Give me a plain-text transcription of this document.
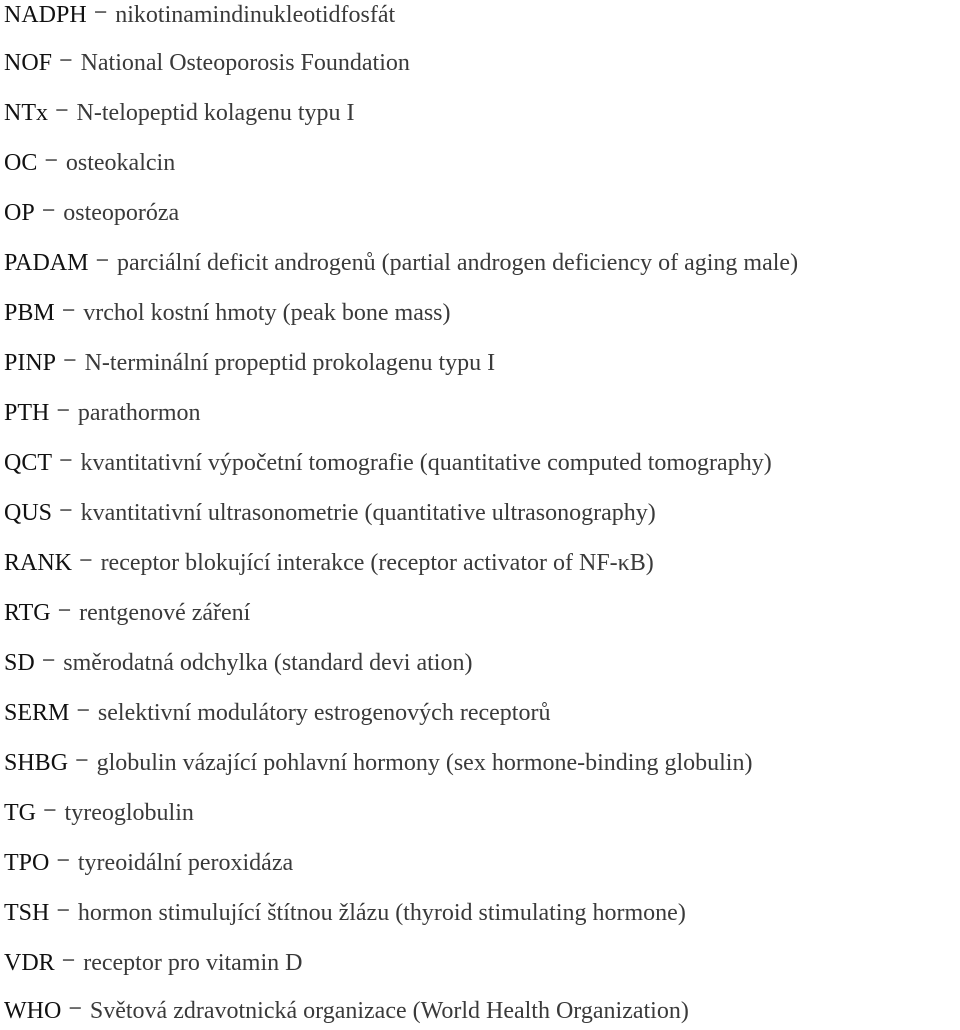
NADPH − nikotinamindinukleotidfosfát
NOF − National Osteoporosis Foundation
NTx − N-telopeptid kolagenu typu I
OC − osteokalcin
OP − osteoporóza
PADAM − parciální deficit androgenů (partial androgen deficiency of aging male)
PBM − vrchol kostní hmoty (peak bone mass)
PINP − N-terminální propeptid prokolagenu typu I
PTH − parathormon
QCT − kvantitativní výpočetní tomografie (quantitative computed tomography)
QUS − kvantitativní ultrasonometrie (quantitative ultrasonography)
RANK − receptor blokující interakce (receptor activator of NF-κB)
RTG − rentgenové záření
SD − směrodatná odchylka (standard devi ation)
SERM − selektivní modulátory estrogenových receptorů
SHBG − globulin vázající pohlavní hormony (sex hormone-binding globulin)
TG − tyreoglobulin
TPO − tyreoidální peroxidáza
TSH − hormon stimulující štítnou žlázu (thyroid stimulating hormone)
VDR − receptor pro vitamin D
WHO − Světová zdravotnická organizace (World Health Organization)
